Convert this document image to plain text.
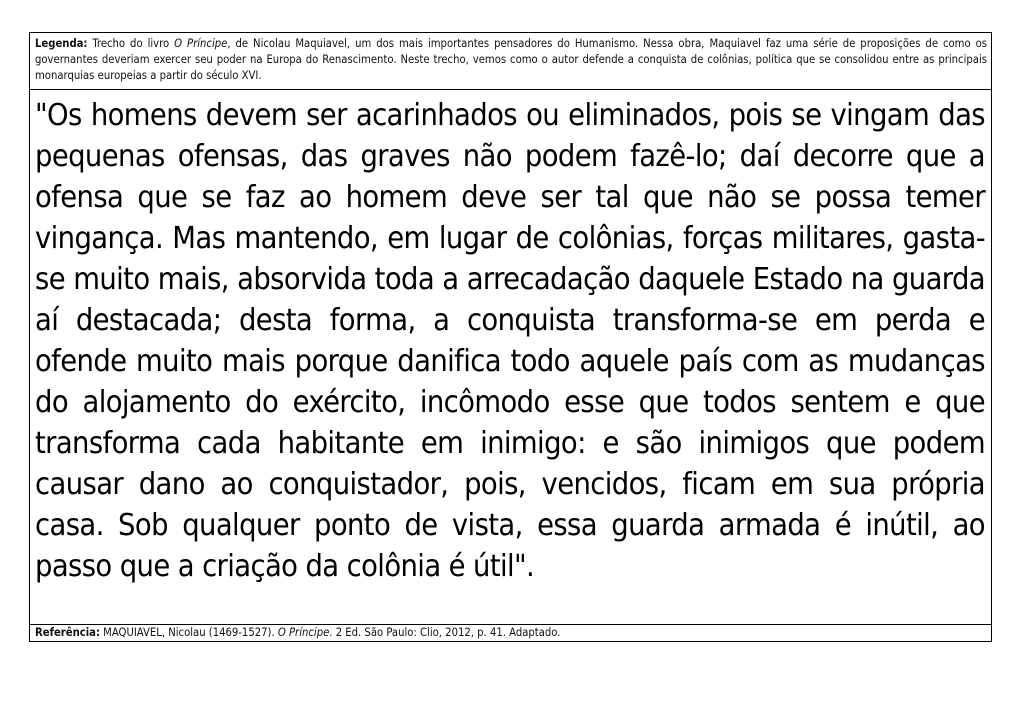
Legenda: Trecho do livro O Príncipe, de Nicolau Maquiavel, um dos mais importantes pensadores do Humanismo. Nessa obra, Maquiavel faz uma série de proposições de como os governantes deveriam exercer seu poder na Europa do Renascimento. Neste trecho, vemos como o autor defende a conquista de colônias, política que se consolidou entre as principais monarquias europeias a partir do século XVI.
"Os homens devem ser acarinhados ou eliminados, pois se vingam das pequenas ofensas, das graves não podem fazê-lo; daí decorre que a ofensa que se faz ao homem deve ser tal que não se possa temer vingança. Mas mantendo, em lugar de colônias, forças militares, gasta-se muito mais, absorvida toda a arrecadação daquele Estado na guarda aí destacada; desta forma, a conquista transforma-se em perda e ofende muito mais porque danifica todo aquele país com as mudanças do alojamento do exército, incômodo esse que todos sentem e que transforma cada habitante em inimigo: e são inimigos que podem causar dano ao conquistador, pois, vencidos, ficam em sua própria casa. Sob qualquer ponto de vista, essa guarda armada é inútil, ao passo que a criação da colônia é útil".
Referência: MAQUIAVEL, Nicolau (1469-1527). O Príncipe. 2 Ed. São Paulo: Clio, 2012, p. 41. Adaptado.
